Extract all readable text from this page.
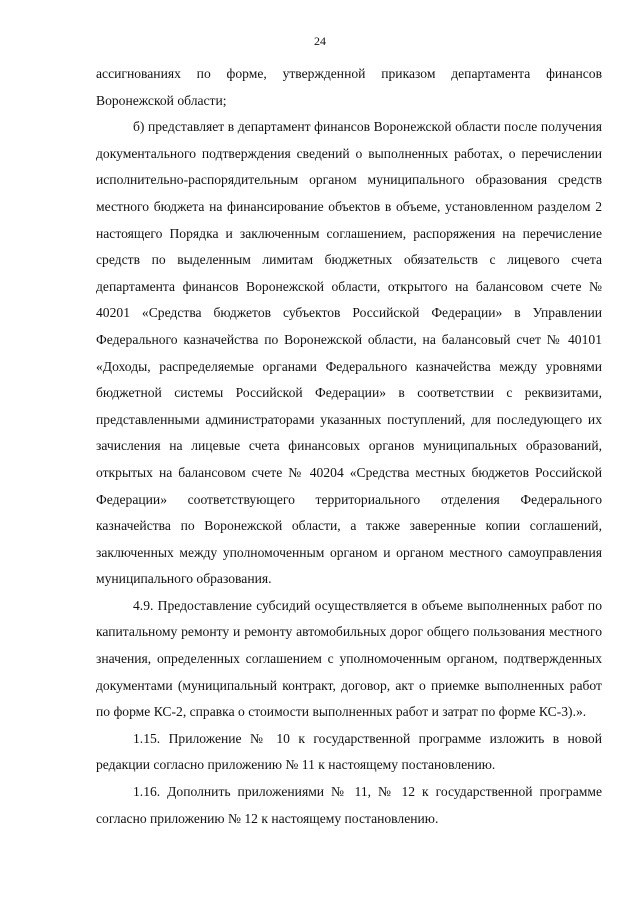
24

ассигнованиях по форме, утвержденной приказом департамента финансов Воронежской области;

б) представляет в департамент финансов Воронежской области после получения документального подтверждения сведений о выполненных работах, о перечислении исполнительно-распорядительным органом муниципального образования средств местного бюджета на финансирование объектов в объеме, установленном разделом 2 настоящего Порядка и заключенным соглашением, распоряжения на перечисление средств по выделенным лимитам бюджетных обязательств с лицевого счета департамента финансов Воронежской области, открытого на балансовом счете № 40201 «Средства бюджетов субъектов Российской Федерации» в Управлении Федерального казначейства по Воронежской области, на балансовый счет № 40101 «Доходы, распределяемые органами Федерального казначейства между уровнями бюджетной системы Российской Федерации» в соответствии с реквизитами, представленными администраторами указанных поступлений, для последующего их зачисления на лицевые счета финансовых органов муниципальных образований, открытых на балансовом счете № 40204 «Средства местных бюджетов Российской Федерации» соответствующего территориального отделения Федерального казначейства по Воронежской области, а также заверенные копии соглашений, заключенных между уполномоченным органом и органом местного самоуправления муниципального образования.

4.9. Предоставление субсидий осуществляется в объеме выполненных работ по капитальному ремонту и ремонту автомобильных дорог общего пользования местного значения, определенных соглашением с уполномоченным органом, подтвержденных документами (муниципальный контракт, договор, акт о приемке выполненных работ по форме КС-2, справка о стоимости выполненных работ и затрат по форме КС-3).».

1.15. Приложение № 10 к государственной программе изложить в новой редакции согласно приложению № 11 к настоящему постановлению.

1.16. Дополнить приложениями № 11, № 12 к государственной программе согласно приложению № 12 к настоящему постановлению.
